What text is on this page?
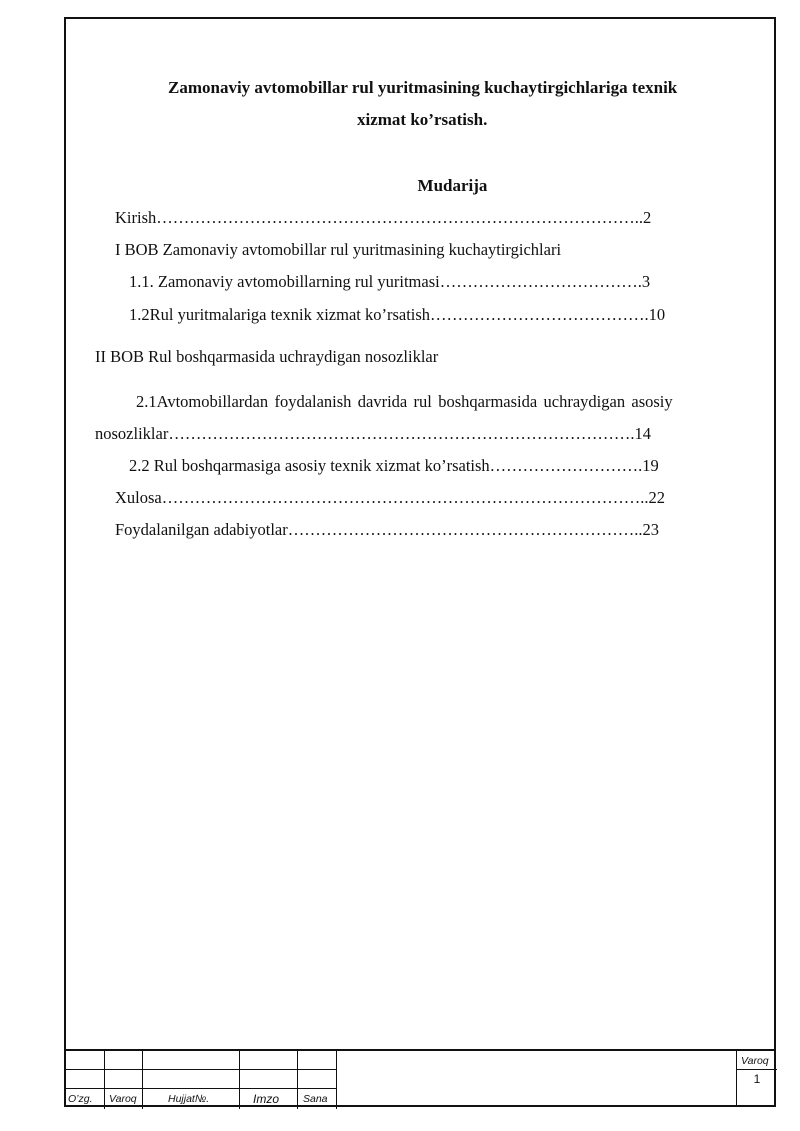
Zamonaviy avtomobillar rul yuritmasining kuchaytirgichlariga texnik
xizmat ko’rsatish.
Mudarija
Kirish……………………………………………………………………………..2
I BOB Zamonaviy avtomobillar rul yuritmasining kuchaytirgichlari
1.1. Zamonaviy avtomobillarning rul yuritmasi……………………………….3
1.2Rul yuritmalariga texnik xizmat ko’rsatish………………………………….10
II BOB Rul boshqarmasida uchraydigan nosozliklar
2.1Avtomobillardan foydalanish davrida rul boshqarmasida uchraydigan asosiy
nosozliklar………………………………………………………………………….14
2.2 Rul boshqarmasiga asosiy texnik xizmat ko’rsatish……………………….19
Xulosa……………………………………………………………………………..22
Foydalanilgan adabiyotlar………………………………………………………..23
O’zg. Varoq	Hujjat№.	Imzo Sana
Varoq
1
